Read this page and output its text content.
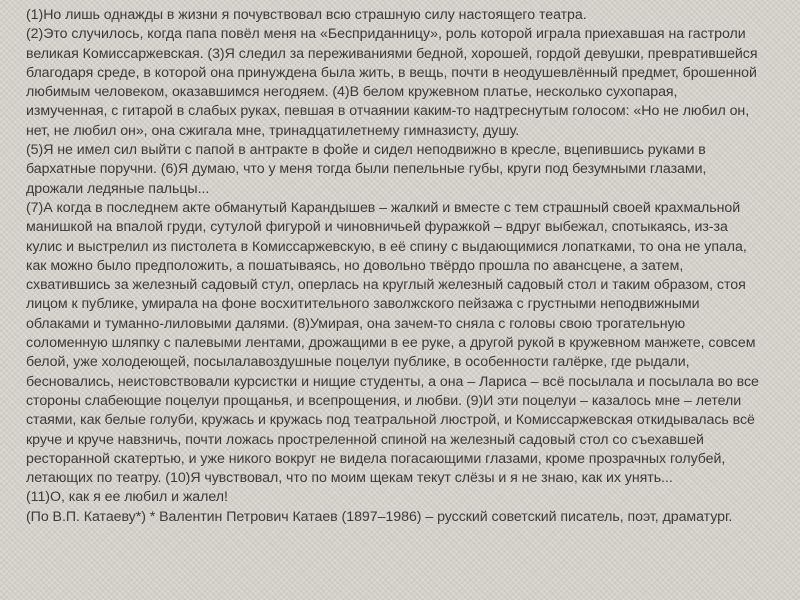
(1)Но лишь однажды в жизни я почувствовал всю страшную силу настоящего театра.

(2)Это случилось, когда папа повёл меня на «Бесприданницу», роль которой играла приехавшая на гастроли
великая Комиссаржевская. (3)Я следил за переживаниями бедной, хорошей, гордой девушки, превратившейся
благодаря среде, в которой она принуждена была жить, в вещь, почти в неодушевлённый предмет, брошенной
любимым человеком, оказавшимся негодяем. (4)В белом кружевном платье, несколько сухопарая,
измученная, с гитарой в слабых руках, певшая в отчаянии каким-то надтреснутым голосом: «Но не любил он,
нет, не любил он», она сжигала мне, тринадцатилетнему гимназисту, душу.

(5)Я не имел сил выйти с папой в антракте в фойе и сидел неподвижно в кресле, вцепившись руками в
бархатные поручни. (6)Я думаю, что у меня тогда были пепельные губы, круги под безумными глазами,
дрожали ледяные пальцы...

(7)А когда в последнем акте обманутый Карандышев – жалкий и вместе с тем страшный своей крахмальной
манишкой на впалой груди, сутулой фигурой и чиновничьей фуражкой – вдруг выбежал, спотыкаясь, из-за
кулис и выстрелил из пистолета в Комиссаржевскую, в её спину с выдающимися лопатками, то она не упала,
как можно было предположить, а пошатываясь, но довольно твёрдо прошла по авансцене, а затем,
схватившись за железный садовый стул, оперлась на круглый железный садовый стол и таким образом, стоя
лицом к публике, умирала на фоне восхитительного заволжского пейзажа с грустными неподвижными
облаками и туманно-лиловыми далями. (8)Умирая, она зачем-то сняла с головы свою трогательную
соломенную шляпку с палевыми лентами, дрожащими в ее руке, а другой рукой в кружевном манжете, совсем
белой, уже холодеющей, посылалавоздушные поцелуи публике, в особенности галёрке, где рыдали,
бесновались, неистовствовали курсистки и нищие студенты, а она – Лариса – всё посылала и посылала во все
стороны слабеющие поцелуи прощанья, и всепрощения, и любви. (9)И эти поцелуи – казалось мне – летели
стаями, как белые голуби, кружась и кружась под театральной люстрой, и Комиссаржевская откидывалась всё
круче и круче навзничь, почти ложась простреленной спиной на железный садовый стол со съехавшей
ресторанной скатертью, и уже никого вокруг не видела погасающими глазами, кроме прозрачных голубей,
летающих по театру. (10)Я чувствовал, что по моим щекам текут слёзы и я не знаю, как их унять...

(11)О, как я ее любил и жалел!

(По В.П. Катаеву*) * Валентин Петрович Катаев (1897–1986) – русский советский писатель, поэт, драматург.
